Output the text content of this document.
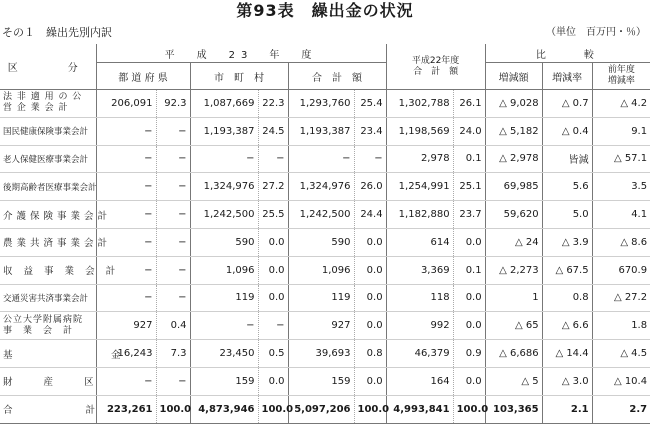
第93表　繰出金の状況
その１　繰出先別内訳	（単位　百万円・％）
区　　分	平　成　23　年　度						平成22年度
合　計　額		比　　較		
	都 道 府 県		市　町　村		合　計　額				増減額	増減率	前年度
増減率

法 非 適 用 の 公 営 企 業 会 計	206,091	92.3	1,087,669	22.3	1,293,760	25.4	1,302,788	26.1	△ 9,028	△ 0.7	△ 4.2
国民健康保険事業会計	−	−	1,193,387	24.5	1,193,387	23.4	1,198,569	24.0	△ 5,182	△ 0.4	9.1
老人保健医療事業会計	−	−	−	−	−	−	2,978	0.1	△ 2,978	皆減	△ 57.1
後期高齢者医療事業会計	−	−	1,324,976	27.2	1,324,976	26.0	1,254,991	25.1	69,985	5.6	3.5
介護保険事業会計	−	−	1,242,500	25.5	1,242,500	24.4	1,182,880	23.7	59,620	5.0	4.1
農業共済事業会計	−	−	590	0.0	590	0.0	614	0.0	△ 24	△ 3.9	△ 8.6
収 益 事 業 会 計	−	−	1,096	0.0	1,096	0.0	3,369	0.1	△ 2,273	△ 67.5	670.9
交通災害共済事業会計	−	−	119	0.0	119	0.0	118	0.0	1	0.8	△ 27.2
公立大学附属病院 事　業　会　計	927	0.4	−	−	927	0.0	992	0.0	△ 65	△ 6.6	1.8
基　　　　　　　金	16,243	7.3	23,450	0.5	39,693	0.8	46,379	0.9	△ 6,686	△ 14.4	△ 4.5
財　　産　　区	−	−	159	0.0	159	0.0	164	0.0	△ 5	△ 3.0	△ 10.4
合　　計	223,261	100.0	4,873,946	100.0	5,097,206	100.0	4,993,841	100.0	103,365	2.1	2.7
